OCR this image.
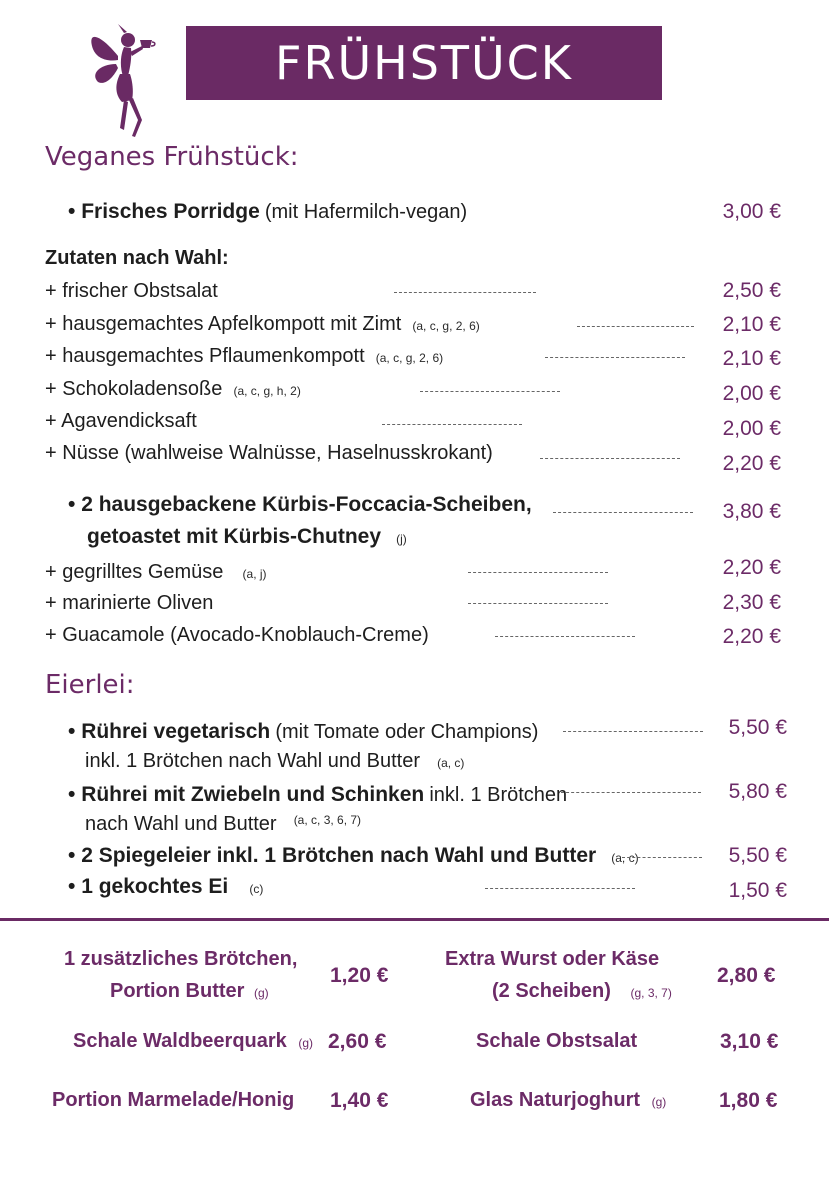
FRÜHSTÜCK
Veganes Frühstück:
• Frisches Porridge (mit Hafermilch-vegan)	3,00 €
Zutaten nach Wahl:
+ frischer Obstsalat	2,50 €
+ hausgemachtes Apfelkompott mit Zimt (a, c, g, 2, 6)	2,10 €
+ hausgemachtes Pflaumenkompott (a, c, g, 2, 6)	2,10 €
+ Schokoladensoße (a, c, g, h, 2)	2,00 €
+ Agavendicksaft	2,00 €
+ Nüsse (wahlweise Walnüsse, Haselnusskrokant)	2,20 €
• 2 hausgebackene Kürbis-Foccacia-Scheiben,
getoastet mit Kürbis-Chutney (j)
3,80 €
+ gegrilltes Gemüse (a, j)	2,20 €
+ marinierte Oliven	2,30 €
+ Guacamole (Avocado-Knoblauch-Creme)	2,20 €
Eierlei:
• Rührei vegetarisch (mit Tomate oder Champions)
inkl. 1 Brötchen nach Wahl und Butter (a, c)
5,50 €
• Rührei mit Zwiebeln und Schinken inkl. 1 Brötchen
nach Wahl und Butter $^{(a, c, 3, 6, 7)}$
5,80 €
• 2 Spiegeleier inkl. 1 Brötchen nach Wahl und Butter (a, c)	5,50 €
• 1 gekochtes Ei (c)	1,50 €
1 zusätzliches Brötchen,
Portion Butter (g)
1,20 €
Extra Wurst oder Käse
(2 Scheiben) (g, 3, 7)
2,80 €
Schale Waldbeerquark (g) 2,60 €	Schale Obstsalat	3,10 €
Portion Marmelade/Honig 1,40 €	Glas Naturjoghurt (g)	1,80 €
